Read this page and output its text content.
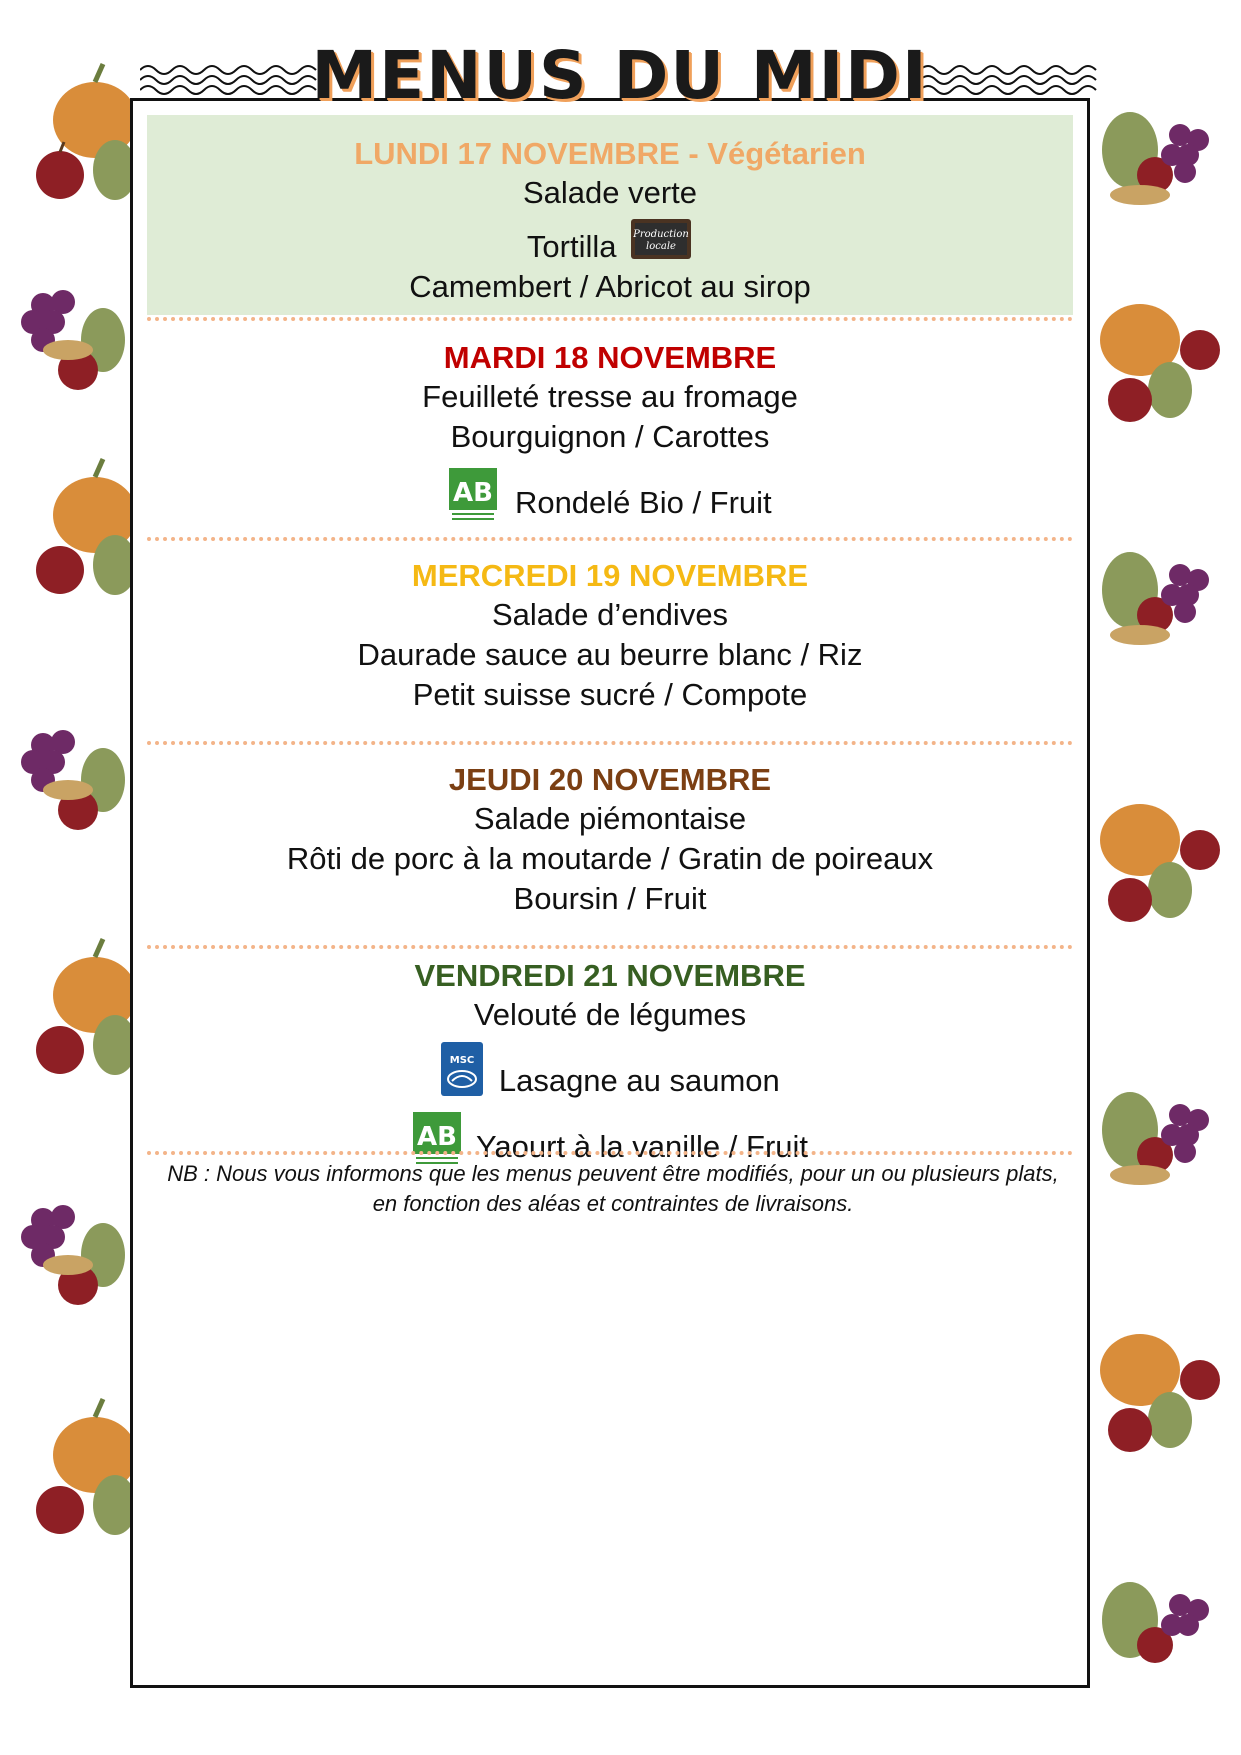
LUNDI 17 NOVEMBRE - Végétarien
Salade verte
Tortilla Production
locale
Camembert / Abricot au sirop
MARDI 18 NOVEMBRE
Feuilleté tresse au fromage
Bourguignon / Carottes
AB Rondelé Bio / Fruit
MERCREDI 19 NOVEMBRE
Salade d’endives
Daurade sauce au beurre blanc / Riz
Petit suisse sucré / Compote
JEUDI 20 NOVEMBRE
Salade piémontaise
Rôti de porc à la moutarde / Gratin de poireaux
Boursin / Fruit
VENDREDI 21 NOVEMBRE
Velouté de légumes
MSC
Lasagne au saumon
AB Yaourt à la vanille / Fruit
NB : Nous vous informons que les menus peuvent être modifiés, pour un ou plusieurs plats, en fonction des aléas et contraintes de livraisons.
MENUS DU MIDI
